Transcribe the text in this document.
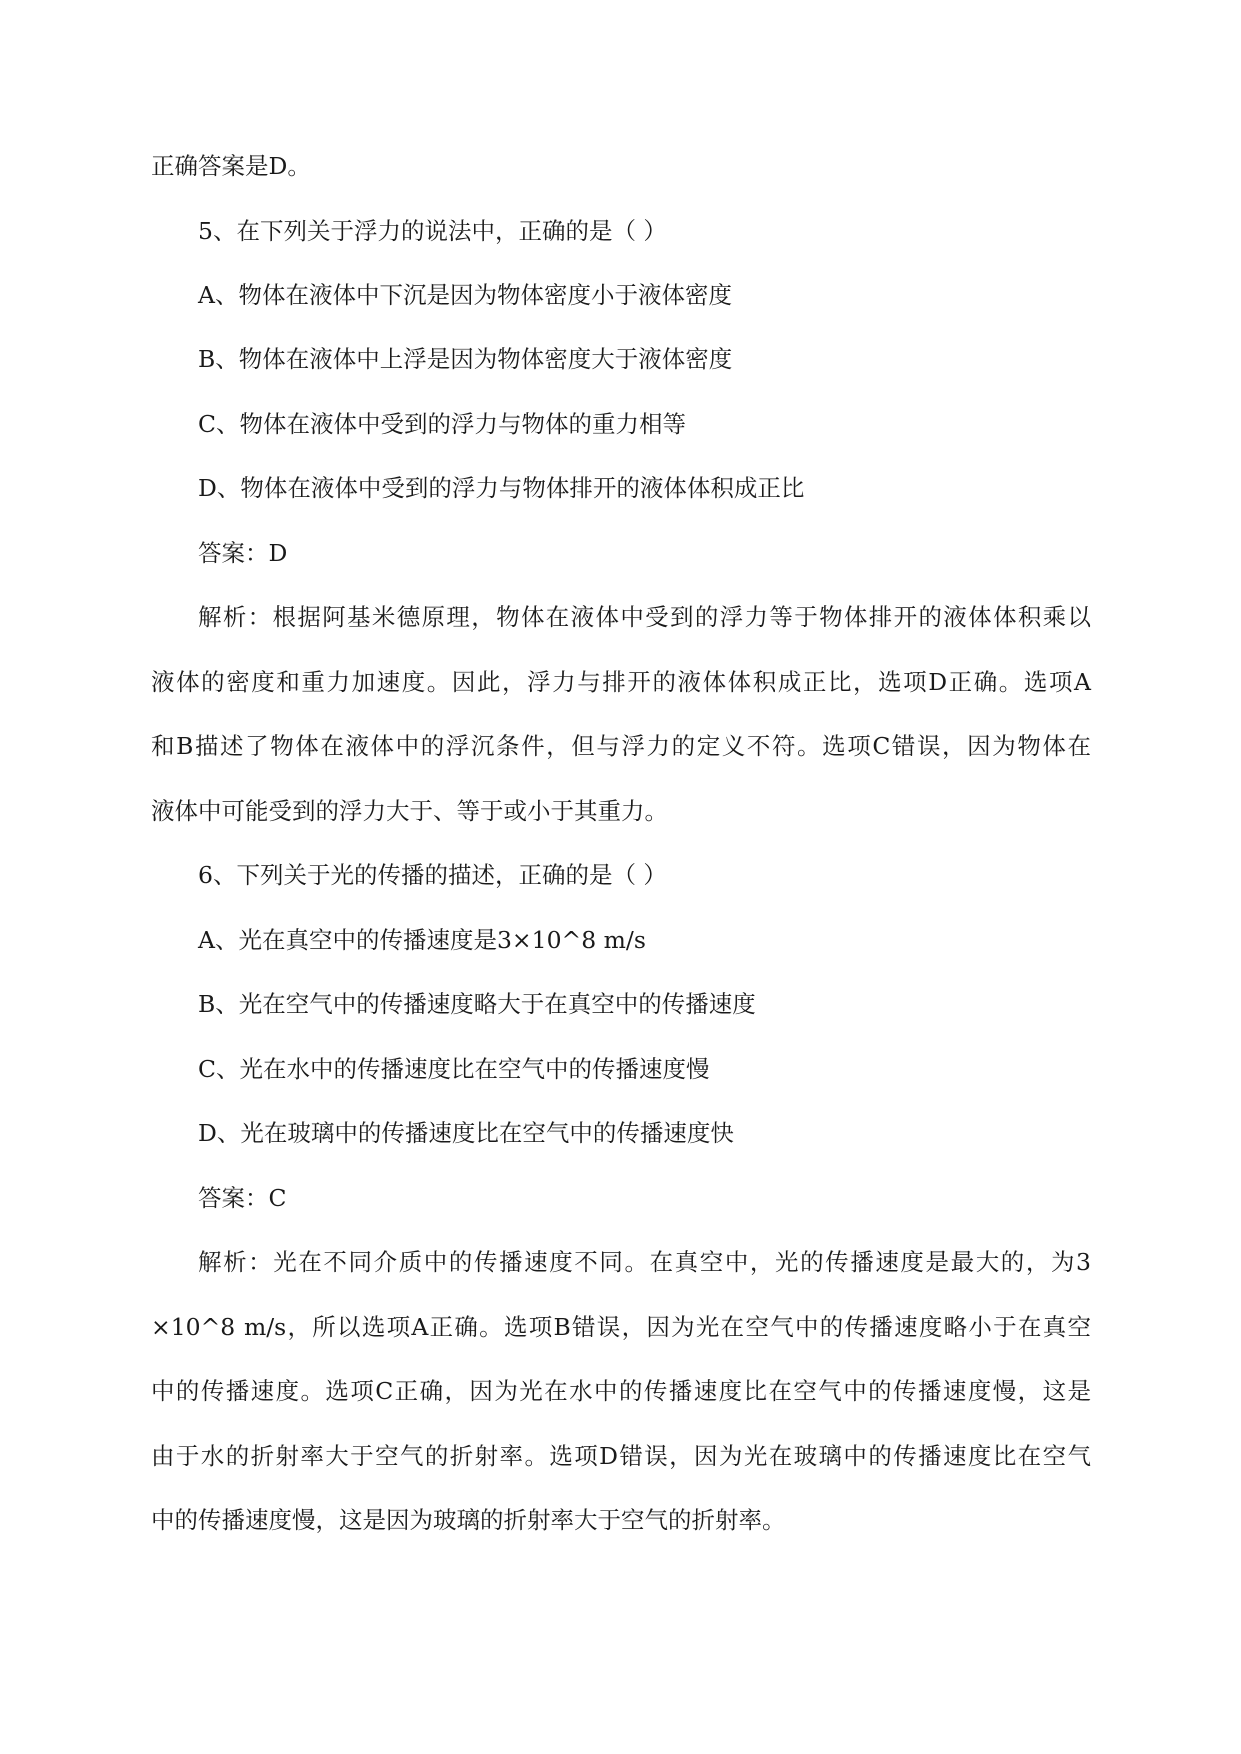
正确答案是D。
5、在下列关于浮力的说法中，正确的是（ ）
A、物体在液体中下沉是因为物体密度小于液体密度
B、物体在液体中上浮是因为物体密度大于液体密度
C、物体在液体中受到的浮力与物体的重力相等
D、物体在液体中受到的浮力与物体排开的液体体积成正比
答案：D
解析：根据阿基米德原理，物体在液体中受到的浮力等于物体排开的液体体积乘以
液体的密度和重力加速度。因此，浮力与排开的液体体积成正比，选项D正确。选项A
和B描述了物体在液体中的浮沉条件，但与浮力的定义不符。选项C错误，因为物体在
液体中可能受到的浮力大于、等于或小于其重力。
6、下列关于光的传播的描述，正确的是（ ）
A、光在真空中的传播速度是3×10^8 m/s
B、光在空气中的传播速度略大于在真空中的传播速度
C、光在水中的传播速度比在空气中的传播速度慢
D、光在玻璃中的传播速度比在空气中的传播速度快
答案：C
解析：光在不同介质中的传播速度不同。在真空中，光的传播速度是最大的，为3
×10^8 m/s，所以选项A正确。选项B错误，因为光在空气中的传播速度略小于在真空
中的传播速度。选项C正确，因为光在水中的传播速度比在空气中的传播速度慢，这是
由于水的折射率大于空气的折射率。选项D错误，因为光在玻璃中的传播速度比在空气
中的传播速度慢，这是因为玻璃的折射率大于空气的折射率。
